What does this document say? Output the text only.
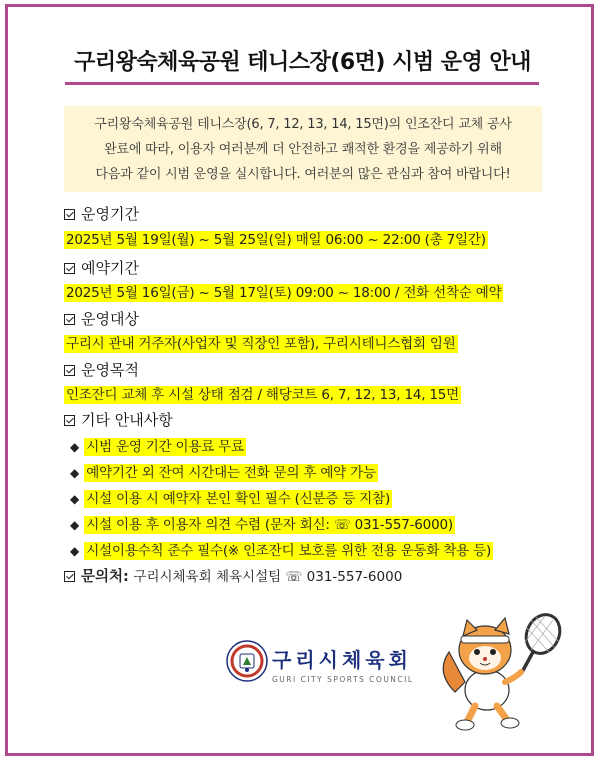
구리왕숙체육공원 테니스장(6면) 시범 운영 안내

구리왕숙체육공원 테니스장(6, 7, 12, 13, 14, 15면)의 인조잔디 교체 공사

완료에 따라, 이용자 여러분께 더 안전하고 쾌적한 환경을 제공하기 위해

다음과 같이 시범 운영을 실시합니다. 여러분의 많은 관심과 참여 바랍니다!

운영기간
2025년 5월 19일(월) ~ 5월 25일(일) 매일 06:00 ~ 22:00 (총 7일간)
예약기간
2025년 5월 16일(금) ~ 5월 17일(토) 09:00 ~ 18:00 / 전화 선착순 예약
운영대상
구리시 관내 거주자(사업자 및 직장인 포함), 구리시테니스협회 임원
운영목적
인조잔디 교체 후 시설 상태 점검 / 해당코트 6, 7, 12, 13, 14, 15면
기타 안내사항
◆ 시범 운영 기간 이용료 무료
◆ 예약기간 외 잔여 시간대는 전화 문의 후 예약 가능
◆ 시설 이용 시 예약자 본인 확인 필수 (신분증 등 지참)
◆ 시설 이용 후 이용자 의견 수렴 (문자 회신: ☏ 031-557-6000)
◆ 시설이용수칙 준수 필수(※ 인조잔디 보호를 위한 전용 운동화 착용 등)
문의처: 구리시체육회 체육시설팀 ☏ 031-557-6000
구리시체육회
GURI CITY SPORTS COUNCIL
